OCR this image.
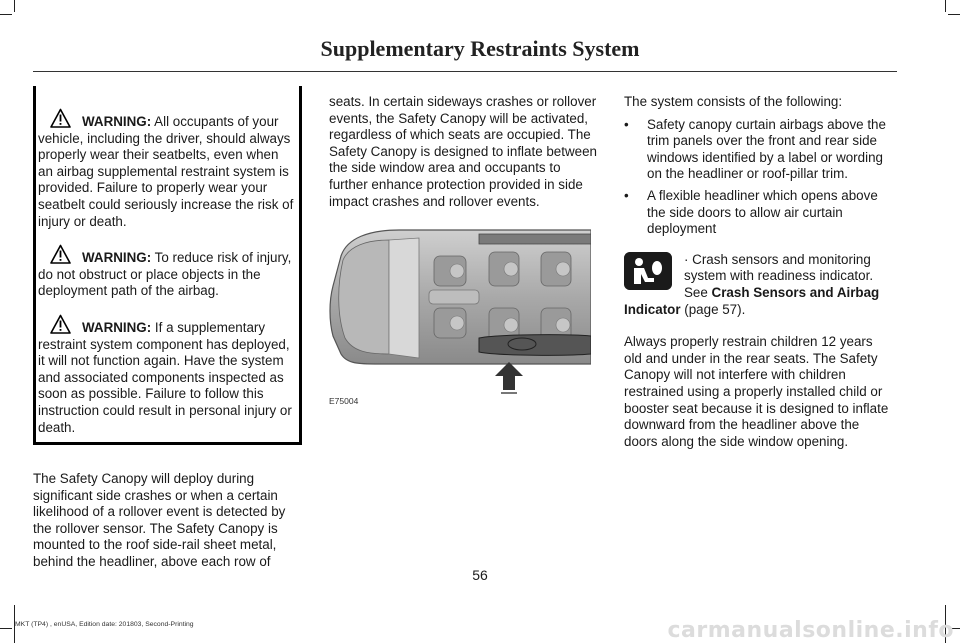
Supplementary Restraints System

WARNING: All occupants of your vehicle, including the driver, should always properly wear their seatbelts, even when an airbag supplemental restraint system is provided. Failure to properly wear your seatbelt could seriously increase the risk of injury or death.

WARNING: To reduce risk of injury, do not obstruct or place objects in the deployment path of the airbag.

WARNING: If a supplementary restraint system component has deployed, it will not function again. Have the system and associated components inspected as soon as possible. Failure to follow this instruction could result in personal injury or death.

The Safety Canopy will deploy during significant side crashes or when a certain likelihood of a rollover event is detected by the rollover sensor. The Safety Canopy is mounted to the roof side-rail sheet metal, behind the headliner, above each row of

seats. In certain sideways crashes or rollover events, the Safety Canopy will be activated, regardless of which seats are occupied. The Safety Canopy is designed to inflate between the side window area and occupants to further enhance protection provided in side impact crashes and rollover events.

E75004

The system consists of the following:

• Safety canopy curtain airbags above the trim panels over the front and rear side windows identified by a label or wording on the headliner or roof-pillar trim.
• A flexible headliner which opens above the side doors to allow air curtain deployment
· Crash sensors and monitoring system with readiness indicator. See Crash Sensors and Airbag Indicator (page 57).

Always properly restrain children 12 years old and under in the rear seats. The Safety Canopy will not interfere with children restrained using a properly installed child or booster seat because it is designed to inflate downward from the headliner above the doors along the side window opening.

56
MKT (TP4) , enUSA, Edition date: 201803, Second-Printing	carmanualsonline.info
